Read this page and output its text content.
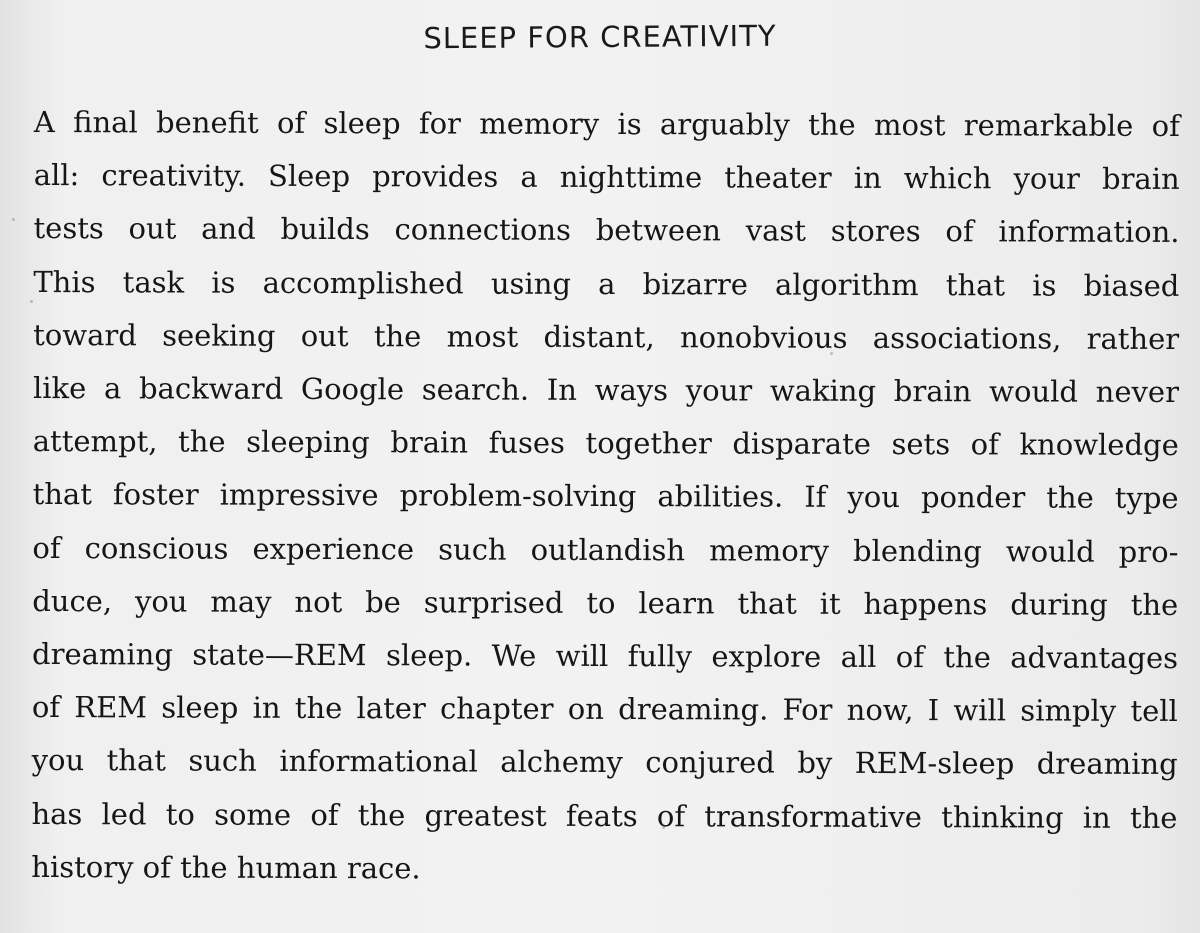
SLEEP FOR CREATIVITY
A final benefit of sleep for memory is arguably the most remarkable of
all: creativity. Sleep provides a nighttime theater in which your brain
tests out and builds connections between vast stores of information.
This task is accomplished using a bizarre algorithm that is biased
toward seeking out the most distant, nonobvious associations, rather
like a backward Google search. In ways your waking brain would never
attempt, the sleeping brain fuses together disparate sets of knowledge
that foster impressive problem-solving abilities. If you ponder the type
of conscious experience such outlandish memory blending would pro-
duce, you may not be surprised to learn that it happens during the
dreaming state—REM sleep. We will fully explore all of the advantages
of REM sleep in the later chapter on dreaming. For now, I will simply tell
you that such informational alchemy conjured by REM-sleep dreaming
has led to some of the greatest feats of transformative thinking in the
history of the human race.
